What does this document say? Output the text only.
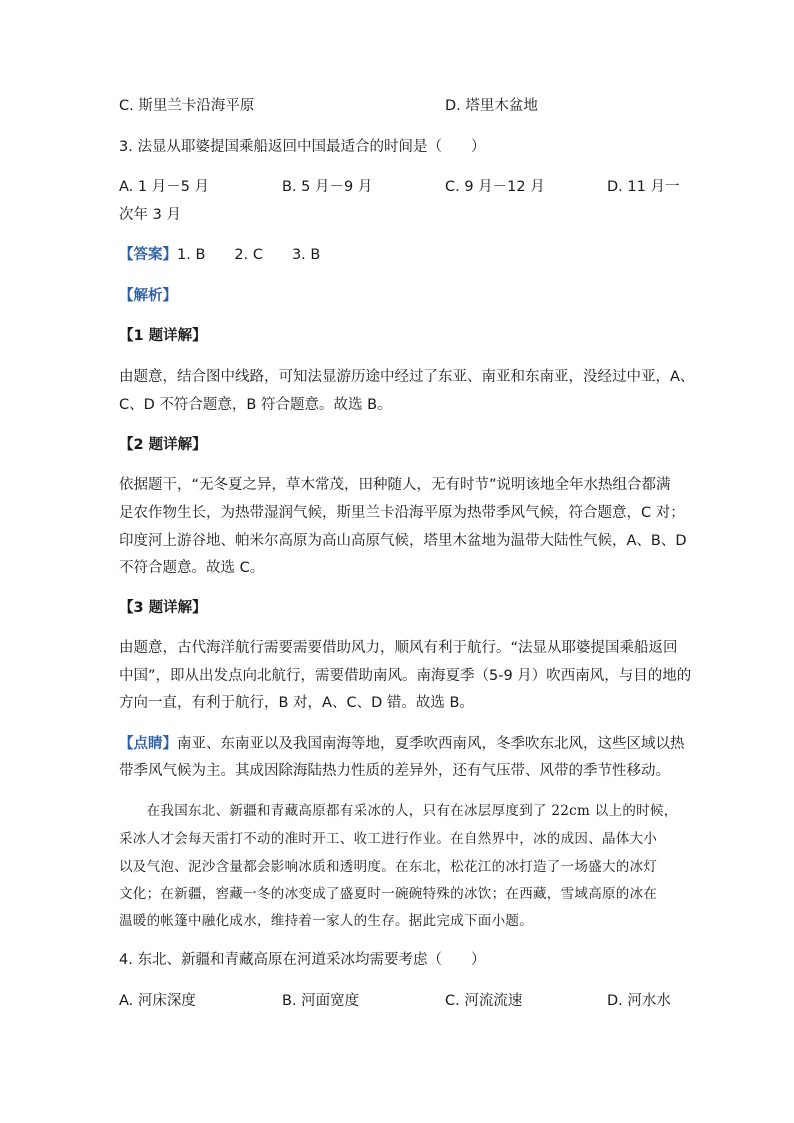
C. 斯里兰卡沿海平原	D. 塔里木盆地
3. 法显从耶婆提国乘船返回中国最适合的时间是（　　）
A. 1 月－5 月	B. 5 月－9 月	C. 9 月－12 月	D. 11 月一
次年 3 月
【答案】1. B　　2. C　　3. B
【解析】
【1 题详解】
由题意，结合图中线路，可知法显游历途中经过了东亚、南亚和东南亚，没经过中亚，A、
C、D 不符合题意，B 符合题意。故选 B。
【2 题详解】
依据题干，“无冬夏之异，草木常茂，田种随人，无有时节”说明该地全年水热组合都满
足农作物生长，为热带湿润气候，斯里兰卡沿海平原为热带季风气候，符合题意，C 对；
印度河上游谷地、帕米尔高原为高山高原气候，塔里木盆地为温带大陆性气候，A、B、D
不符合题意。故选 C。
【3 题详解】
由题意，古代海洋航行需要需要借助风力，顺风有利于航行。“法显从耶婆提国乘船返回
中国”，即从出发点向北航行，需要借助南风。南海夏季（5-9 月）吹西南风，与目的地的
方向一直，有利于航行，B 对，A、C、D 错。故选 B。
【点睛】南亚、东南亚以及我国南海等地，夏季吹西南风，冬季吹东北风，这些区域以热
带季风气候为主。其成因除海陆热力性质的差异外，还有气压带、风带的季节性移动。
　　在我国东北、新疆和青藏高原都有采冰的人，只有在冰层厚度到了 22cm 以上的时候，
采冰人才会每天雷打不动的准时开工、收工进行作业。在自然界中，冰的成因、晶体大小
以及气泡、泥沙含量都会影响冰质和透明度。在东北，松花江的冰打造了一场盛大的冰灯
文化；在新疆，窖藏一冬的冰变成了盛夏时一碗碗特殊的冰饮；在西藏，雪域高原的冰在
温暖的帐篷中融化成水，维持着一家人的生存。据此完成下面小题。
4. 东北、新疆和青藏高原在河道采冰均需要考虑（　　）
A. 河床深度	B. 河面宽度	C. 河流流速	D. 河水水
